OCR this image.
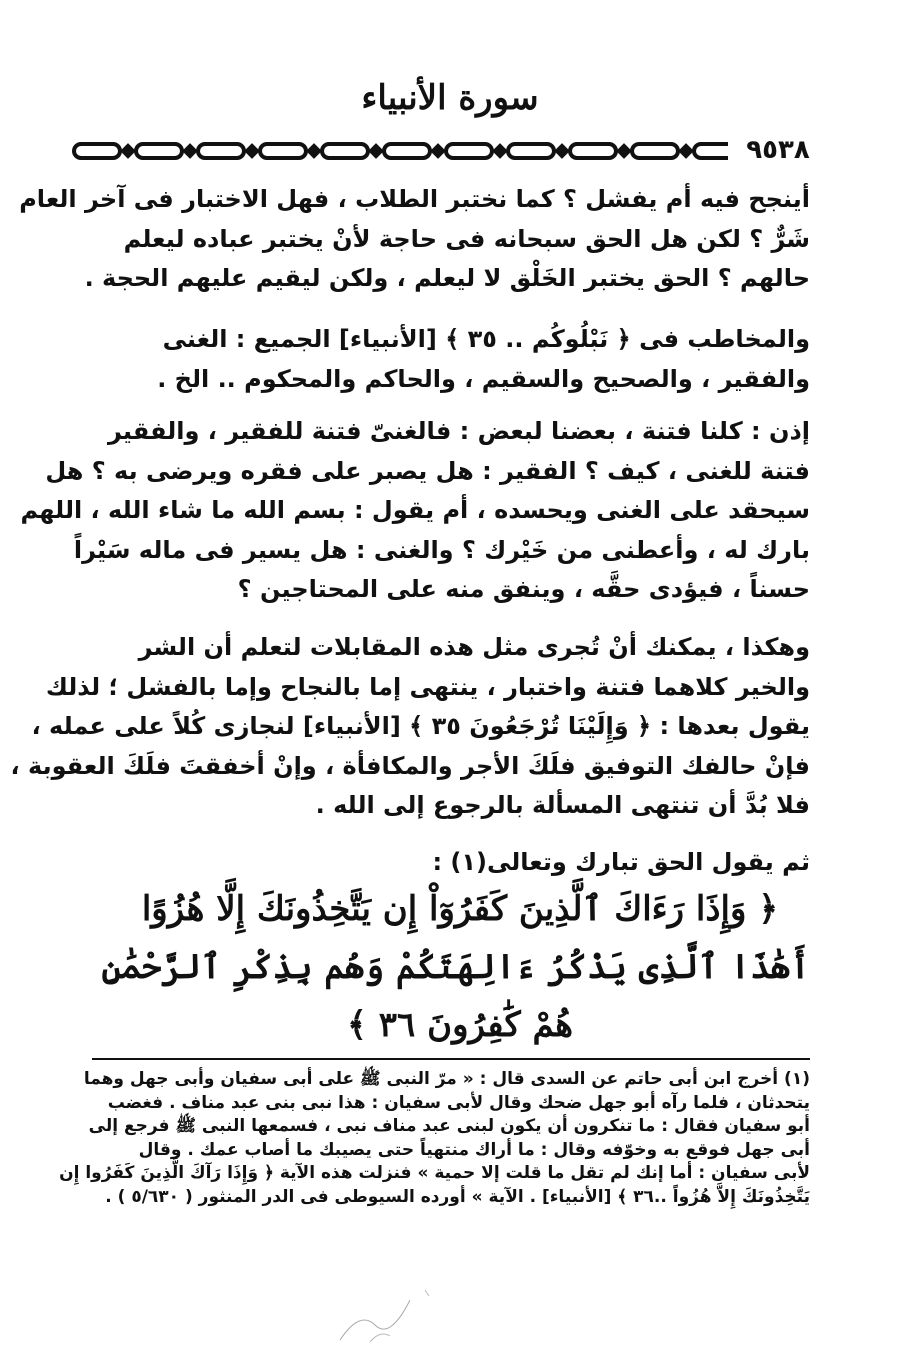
سورة الأنبياء
٩٥٣٨
أينجح فيه أم يفشل ؟ كما نختبر الطلاب ، فهل الاختبار فى آخر العام
شَرٌّ ؟ لكن هل الحق سبحانه فى حاجة لأنْ يختبر عباده ليعلم
حالهم ؟ الحق يختبر الخَلْق لا ليعلم ، ولكن ليقيم عليهم الحجة .
والمخاطب فى ﴿ نَبْلُوكُم .. ٣٥ ﴾ [الأنبياء] الجميع : الغنى
والفقير ، والصحيح والسقيم ، والحاكم والمحكوم .. الخ .
إذن : كلنا فتنة ، بعضنا لبعض : فالغنىّ فتنة للفقير ، والفقير
فتنة للغنى ، كيف ؟ الفقير : هل يصبر على فقره ويرضى به ؟ هل
سيحقد على الغنى ويحسده ، أم يقول : بسم الله ما شاء الله ، اللهم
بارك له ، وأعطنى من خَيْرك ؟ والغنى : هل يسير فى ماله سَيْراً
حسناً ، فيؤدى حقَّه ، وينفق منه على المحتاجين ؟
وهكذا ، يمكنك أنْ تُجرى مثل هذه المقابلات لتعلم أن الشر
والخير كلاهما فتنة واختبار ، ينتهى إما بالنجاح وإما بالفشل ؛ لذلك
يقول بعدها : ﴿ وَإِلَيْنَا تُرْجَعُونَ ٣٥ ﴾ [الأنبياء] لنجازى كُلاً على عمله ،
فإنْ حالفك التوفيق فلَكَ الأجر والمكافأة ، وإنْ أخفقتَ فلَكَ العقوبة ،
فلا بُدَّ أن تنتهى المسألة بالرجوع إلى الله .
ثم يقول الحق تبارك وتعالى(١) :
﴿ وَإِذَا رَءَاكَ ٱلَّذِينَ كَفَرُوٓاْ إِن يَتَّخِذُونَكَ إِلَّا هُزُوًا
أَهَٰذَا ٱلَّذِى يَذْكُرُ ءَالِهَتَكُمْ وَهُم بِذِكْرِ ٱلرَّحْمَٰنِ
هُمْ كَٰفِرُونَ ٣٦ ﴾
(١) أخرج ابن أبى حاتم عن السدى قال : « مرّ النبى ﷺ على أبى سفيان وأبى جهل وهما
يتحدثان ، فلما رآه أبو جهل ضحك وقال لأبى سفيان : هذا نبى بنى عبد مناف . فغضب
أبو سفيان فقال : ما تنكرون أن يكون لبنى عبد مناف نبى ، فسمعها النبى ﷺ فرجع إلى
أبى جهل فوقع به وخوّفه وقال : ما أراك منتهياً حتى يصيبك ما أصاب عمك . وقال
لأبى سفيان : أما إنك لم تقل ما قلت إلا حمية » فنزلت هذه الآية ﴿ وَإِذَا رَآكَ الَّذِينَ كَفَرُوا إِن
يَتَّخِذُونَكَ إِلاَّ هُزُواً ..٣٦ ﴾ [الأنبياء] . الآية » أورده السيوطى فى الدر المنثور ( ٥/٦٣٠ ) .
